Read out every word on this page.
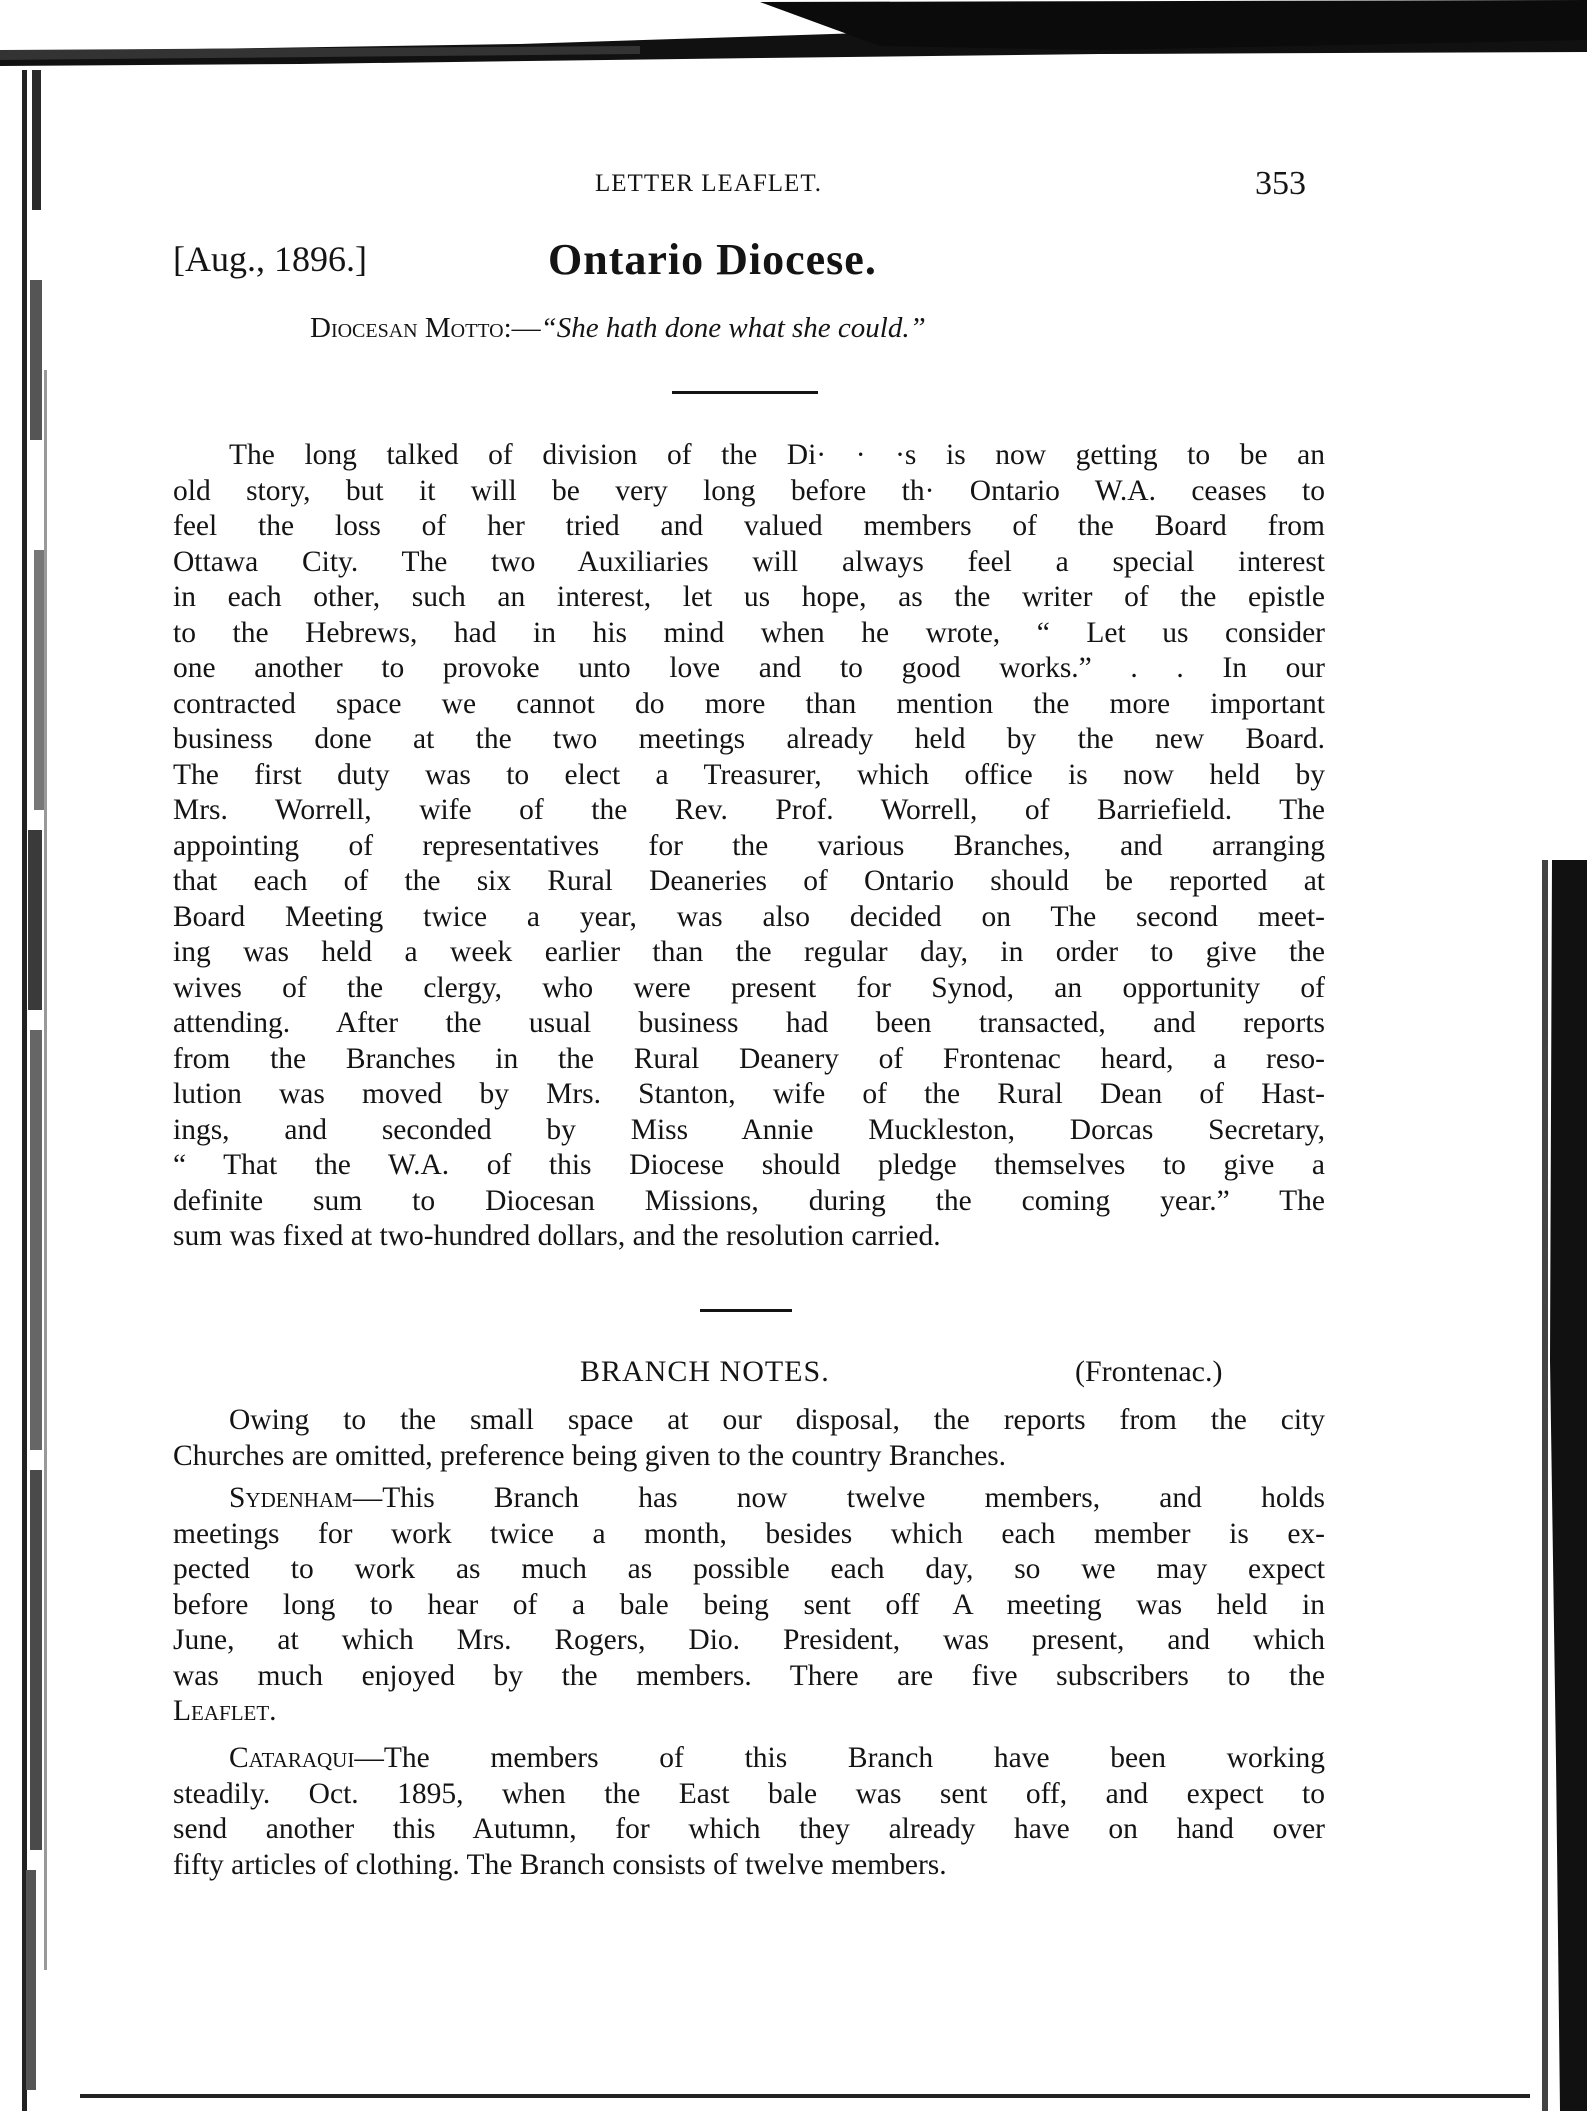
LETTER LEAFLET.	353
[Aug., 1896.]	Ontario Diocese.
Diocesan Motto:—“She hath done what she could.”
The long talked of division of the Di· · ·s is now getting to be an
old story, but it will be very long before th· Ontario W.A. ceases to
feel the loss of her tried and valued members of the Board from
Ottawa City. The two Auxiliaries will always feel a special interest
in each other, such an interest, let us hope, as the writer of the epistle
to the Hebrews, had in his mind when he wrote, “ Let us consider
one another to provoke unto love and to good works.” . . In our
contracted space we cannot do more than mention the more important
business done at the two meetings already held by the new Board.
The first duty was to elect a Treasurer, which office is now held by
Mrs. Worrell, wife of the Rev. Prof. Worrell, of Barriefield. The
appointing of representatives for the various Branches, and arranging
that each of the six Rural Deaneries of Ontario should be reported at
Board Meeting twice a year, was also decided on The second meet-
ing was held a week earlier than the regular day, in order to give the
wives of the clergy, who were present for Synod, an opportunity of
attending. After the usual business had been transacted, and reports
from the Branches in the Rural Deanery of Frontenac heard, a reso-
lution was moved by Mrs. Stanton, wife of the Rural Dean of Hast-
ings, and seconded by Miss Annie Muckleston, Dorcas Secretary,
“ That the W.A. of this Diocese should pledge themselves to give a
definite sum to Diocesan Missions, during the coming year.” The
sum was fixed at two-hundred dollars, and the resolution carried.
BRANCH NOTES.	(Frontenac.)
Owing to the small space at our disposal, the reports from the city
Churches are omitted, preference being given to the country Branches.
Sydenham—This Branch has now twelve members, and holds
meetings for work twice a month, besides which each member is ex-
pected to work as much as possible each day, so we may expect
before long to hear of a bale being sent off A meeting was held in
June, at which Mrs. Rogers, Dio. President, was present, and which
was much enjoyed by the members. There are five subscribers to the
Leaflet.
Cataraqui—The members of this Branch have been working
steadily. Oct. 1895, when the East bale was sent off, and expect to
send another this Autumn, for which they already have on hand over
fifty articles of clothing. The Branch consists of twelve members.
